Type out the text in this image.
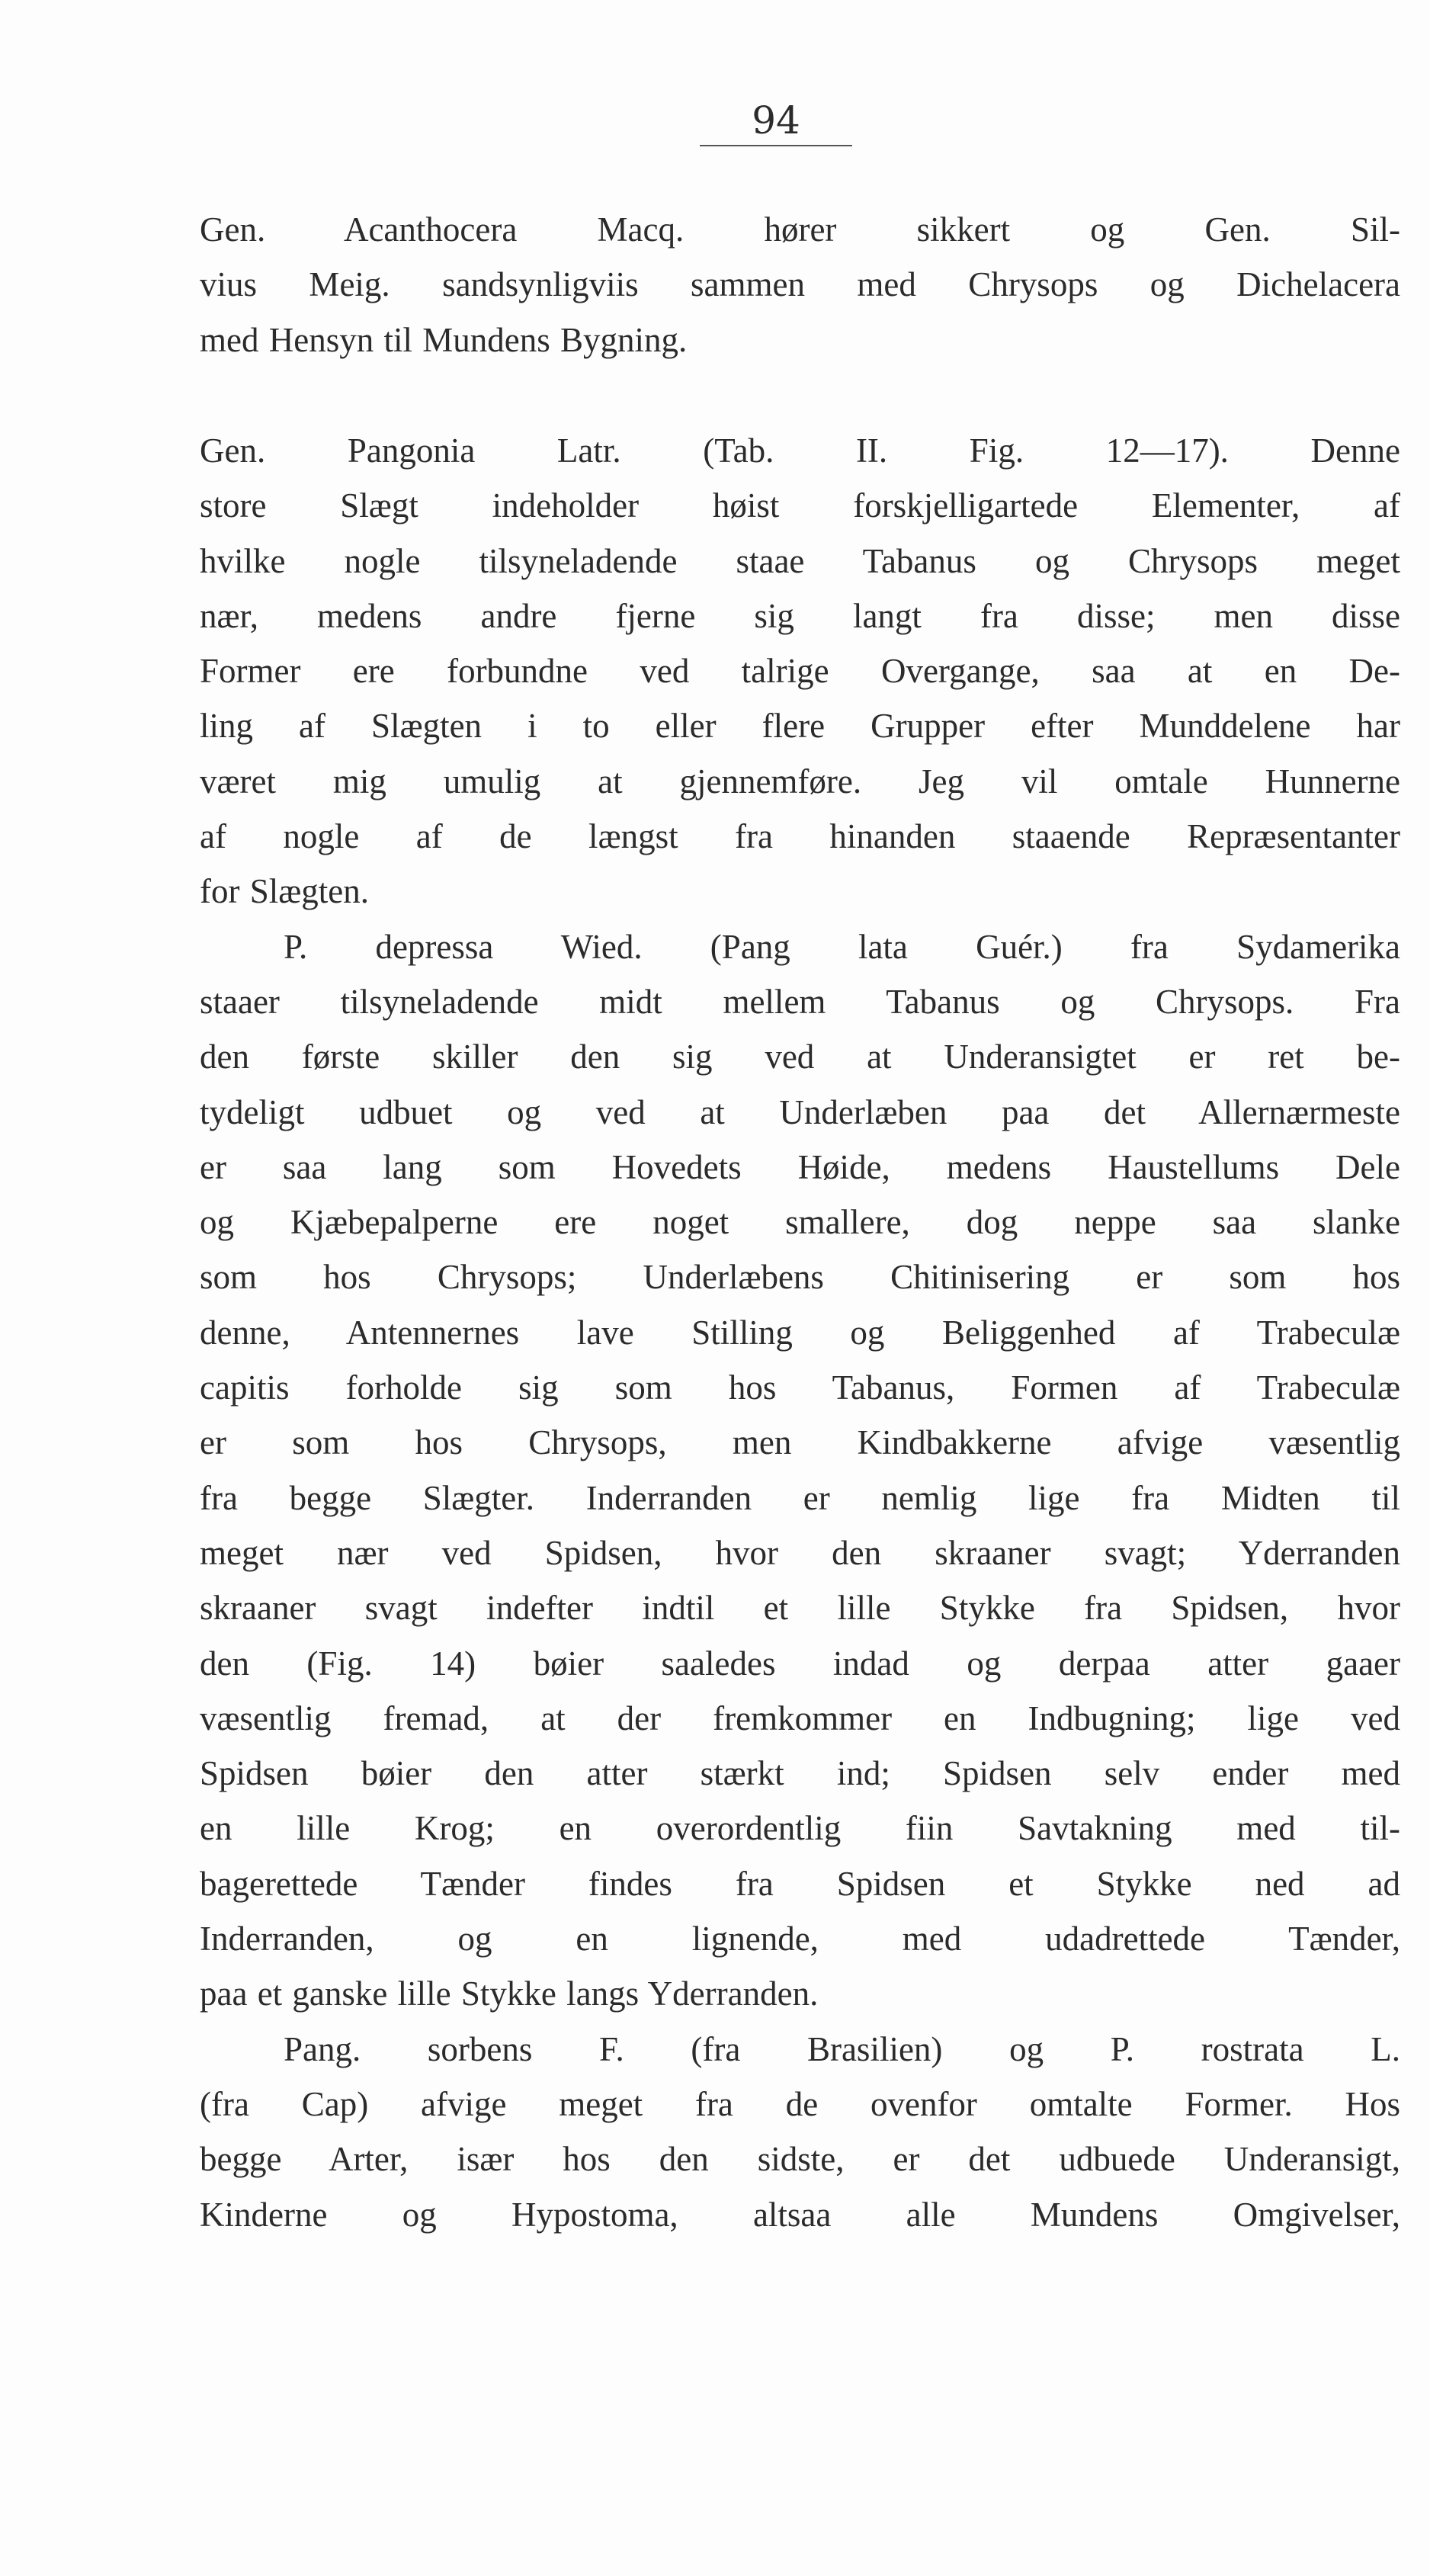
94

Gen. Acanthocera Macq. hører sikkert og Gen. Sil-
vius Meig. sandsynligviis sammen med Chrysops og Dichelacera
med Hensyn til Mundens Bygning.

Gen. Pangonia Latr. (Tab. II. Fig. 12—17). Denne
store Slægt indeholder høist forskjelligartede Elementer, af
hvilke nogle tilsyneladende staae Tabanus og Chrysops meget
nær, medens andre fjerne sig langt fra disse; men disse
Former ere forbundne ved talrige Overgange, saa at en De-
ling af Slægten i to eller flere Grupper efter Munddelene har
været mig umulig at gjennemføre. Jeg vil omtale Hunnerne
af nogle af de længst fra hinanden staaende Repræsentanter
for Slægten.

P. depressa Wied. (Pang lata Guér.) fra Sydamerika
staaer tilsyneladende midt mellem Tabanus og Chrysops. Fra
den første skiller den sig ved at Underansigtet er ret be-
tydeligt udbuet og ved at Underlæben paa det Allernærmeste
er saa lang som Hovedets Høide, medens Haustellums Dele
og Kjæbepalperne ere noget smallere, dog neppe saa slanke
som hos Chrysops; Underlæbens Chitinisering er som hos
denne, Antennernes lave Stilling og Beliggenhed af Trabeculæ
capitis forholde sig som hos Tabanus, Formen af Trabeculæ
er som hos Chrysops, men Kindbakkerne afvige væsentlig
fra begge Slægter. Inderranden er nemlig lige fra Midten til
meget nær ved Spidsen, hvor den skraaner svagt; Yderranden
skraaner svagt indefter indtil et lille Stykke fra Spidsen, hvor
den (Fig. 14) bøier saaledes indad og derpaa atter gaaer
væsentlig fremad, at der fremkommer en Indbugning; lige ved
Spidsen bøier den atter stærkt ind; Spidsen selv ender med
en lille Krog; en overordentlig fiin Savtakning med til-
bagerettede Tænder findes fra Spidsen et Stykke ned ad
Inderranden, og en lignende, med udadrettede Tænder,
paa et ganske lille Stykke langs Yderranden.

Pang. sorbens F. (fra Brasilien) og P. rostrata L.
(fra Cap) afvige meget fra de ovenfor omtalte Former. Hos
begge Arter, især hos den sidste, er det udbuede Underansigt,
Kinderne og Hypostoma, altsaa alle Mundens Omgivelser,
